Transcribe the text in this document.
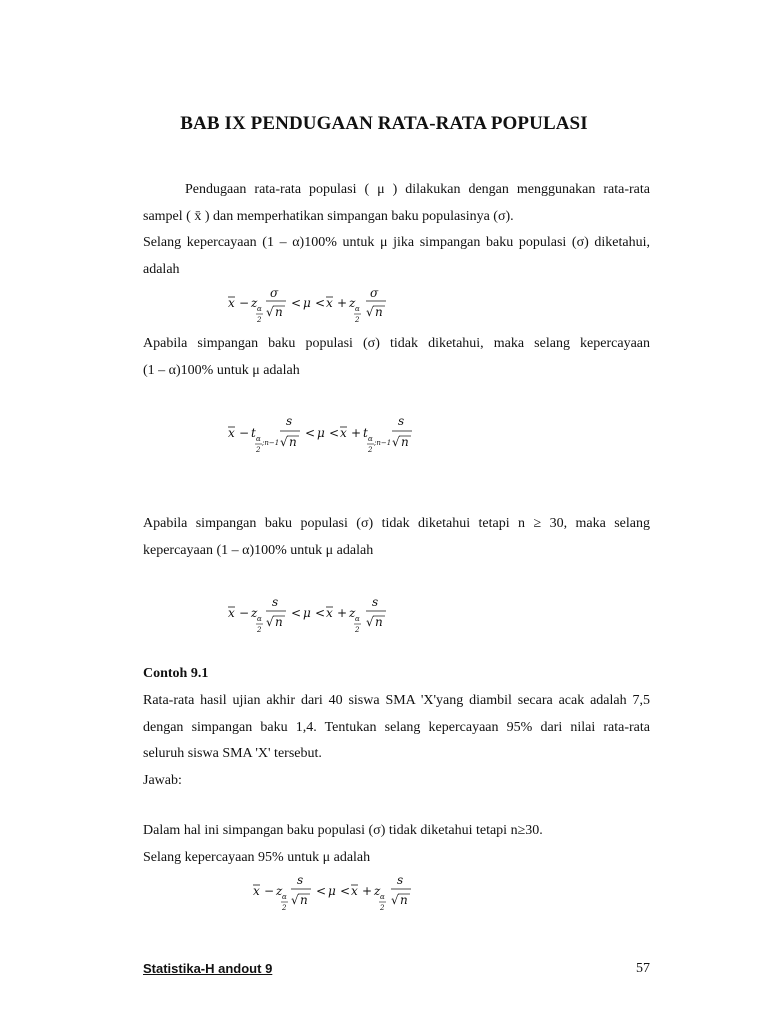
BAB IX PENDUGAAN RATA-RATA POPULASI
Pendugaan rata-rata populasi ( μ ) dilakukan dengan menggunakan rata-rata
sampel ( x̄ ) dan memperhatikan simpangan baku populasinya (σ).
Selang kepercayaan (1 – α)100% untuk μ jika simpangan baku populasi (σ) diketahui,
adalah
x − z α
2
σ
√ n
< μ < x + z α
2
σ
√ n
Apabila simpangan baku populasi (σ) tidak diketahui, maka selang kepercayaan
(1 – α)100% untuk μ adalah
x − t α
2
;n−1
s
√ n
< μ < x + t α
2
;n−1
s
√ n
Apabila simpangan baku populasi (σ) tidak diketahui tetapi n ≥ 30, maka selang
kepercayaan (1 – α)100% untuk μ adalah
x − z α
2
s
√ n
< μ < x + z α
2
s
√ n
Contoh 9.1
Rata-rata hasil ujian akhir dari 40 siswa SMA 'X'yang diambil secara acak adalah 7,5
dengan simpangan baku 1,4. Tentukan selang kepercayaan 95% dari nilai rata-rata
seluruh siswa SMA 'X' tersebut.
Jawab:
Dalam hal ini simpangan baku populasi (σ) tidak diketahui tetapi n≥30.
Selang kepercayaan 95% untuk μ adalah
x − z α
2
s
√ n
< μ < x + z α
2
s
√ n
Statistika-H andout 9	57
